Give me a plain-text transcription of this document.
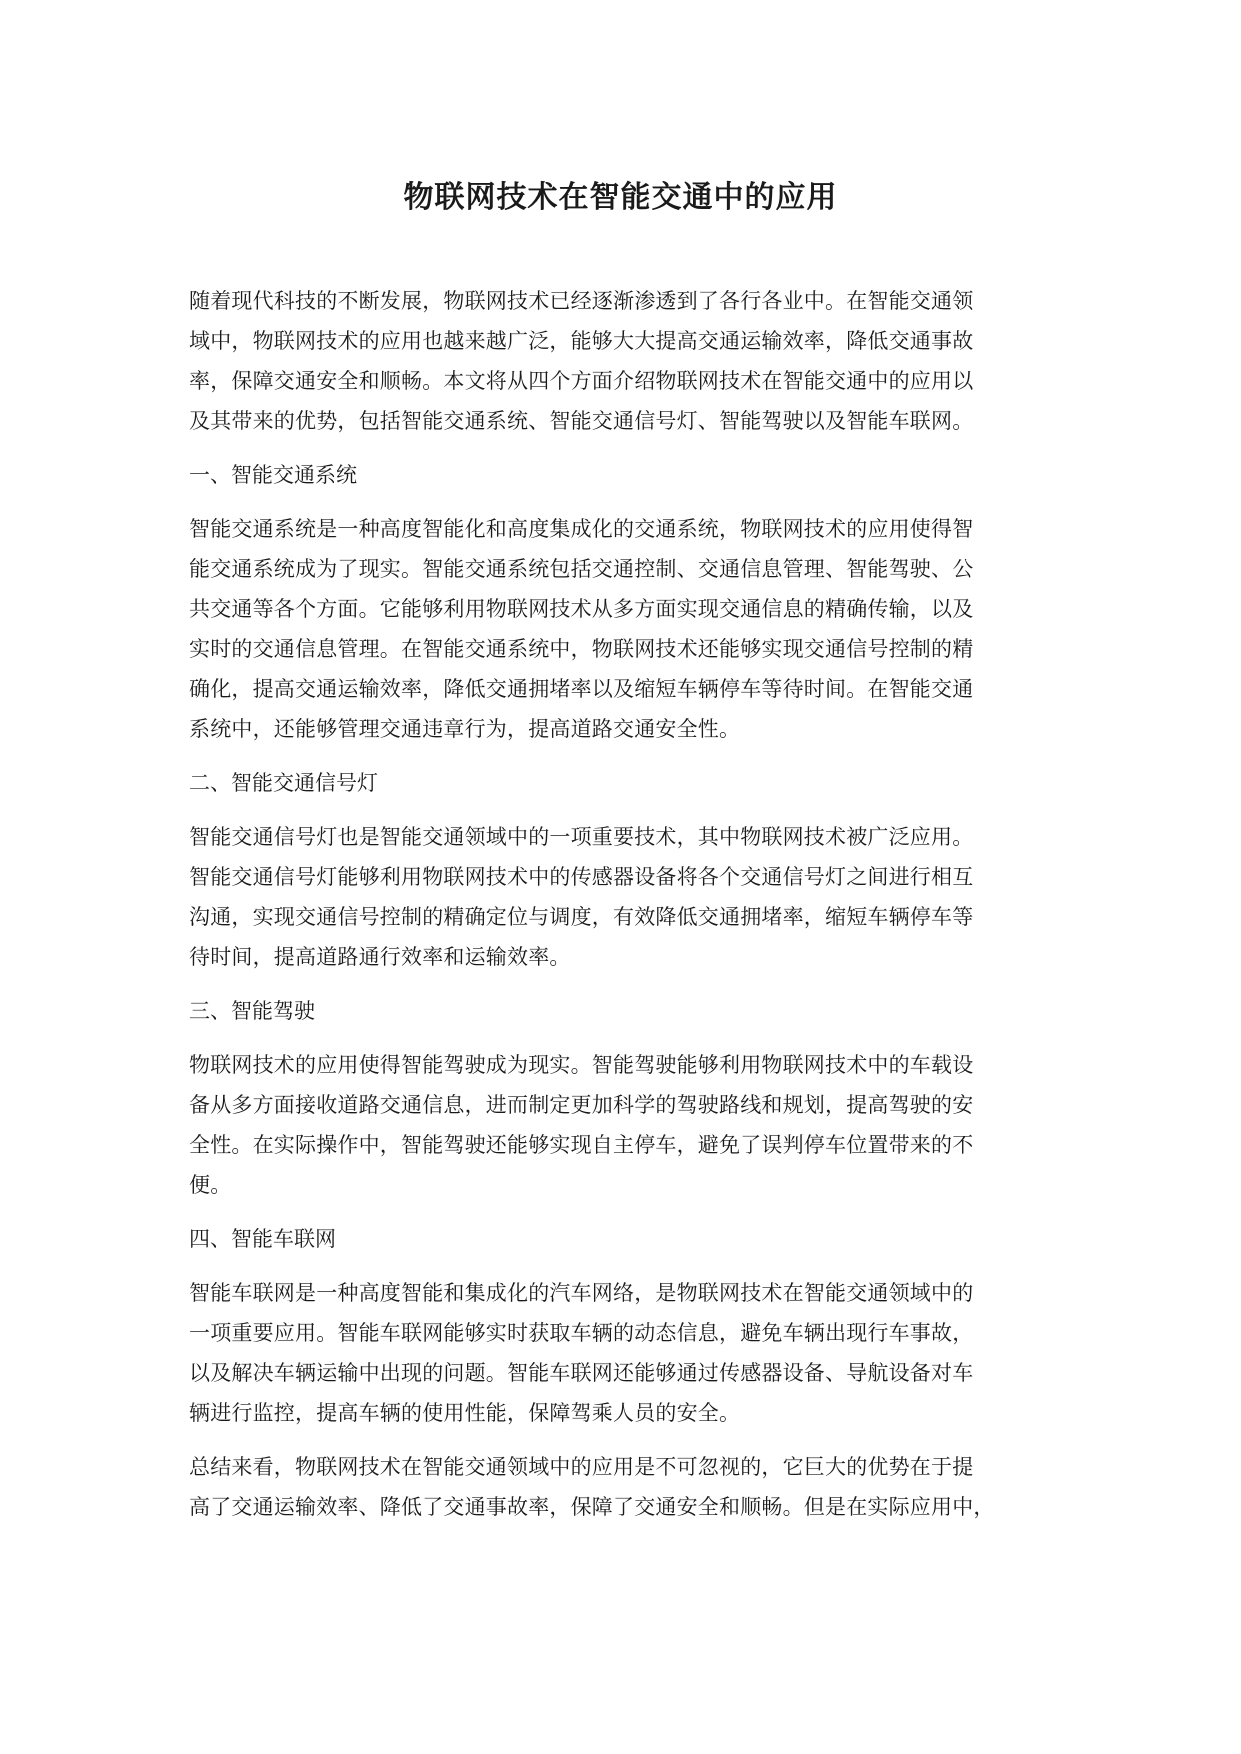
物联网技术在智能交通中的应用

随着现代科技的不断发展，物联网技术已经逐渐渗透到了各行各业中。在智能交通领
域中，物联网技术的应用也越来越广泛，能够大大提高交通运输效率，降低交通事故
率，保障交通安全和顺畅。本文将从四个方面介绍物联网技术在智能交通中的应用以
及其带来的优势，包括智能交通系统、智能交通信号灯、智能驾驶以及智能车联网。

一、智能交通系统

智能交通系统是一种高度智能化和高度集成化的交通系统，物联网技术的应用使得智
能交通系统成为了现实。智能交通系统包括交通控制、交通信息管理、智能驾驶、公
共交通等各个方面。它能够利用物联网技术从多方面实现交通信息的精确传输，以及
实时的交通信息管理。在智能交通系统中，物联网技术还能够实现交通信号控制的精
确化，提高交通运输效率，降低交通拥堵率以及缩短车辆停车等待时间。在智能交通
系统中，还能够管理交通违章行为，提高道路交通安全性。

二、智能交通信号灯

智能交通信号灯也是智能交通领域中的一项重要技术，其中物联网技术被广泛应用。
智能交通信号灯能够利用物联网技术中的传感器设备将各个交通信号灯之间进行相互
沟通，实现交通信号控制的精确定位与调度，有效降低交通拥堵率，缩短车辆停车等
待时间，提高道路通行效率和运输效率。

三、智能驾驶

物联网技术的应用使得智能驾驶成为现实。智能驾驶能够利用物联网技术中的车载设
备从多方面接收道路交通信息，进而制定更加科学的驾驶路线和规划，提高驾驶的安
全性。在实际操作中，智能驾驶还能够实现自主停车，避免了误判停车位置带来的不
便。

四、智能车联网

智能车联网是一种高度智能和集成化的汽车网络，是物联网技术在智能交通领域中的
一项重要应用。智能车联网能够实时获取车辆的动态信息，避免车辆出现行车事故，
以及解决车辆运输中出现的问题。智能车联网还能够通过传感器设备、导航设备对车
辆进行监控，提高车辆的使用性能，保障驾乘人员的安全。

总结来看，物联网技术在智能交通领域中的应用是不可忽视的，它巨大的优势在于提
高了交通运输效率、降低了交通事故率，保障了交通安全和顺畅。但是在实际应用中，
